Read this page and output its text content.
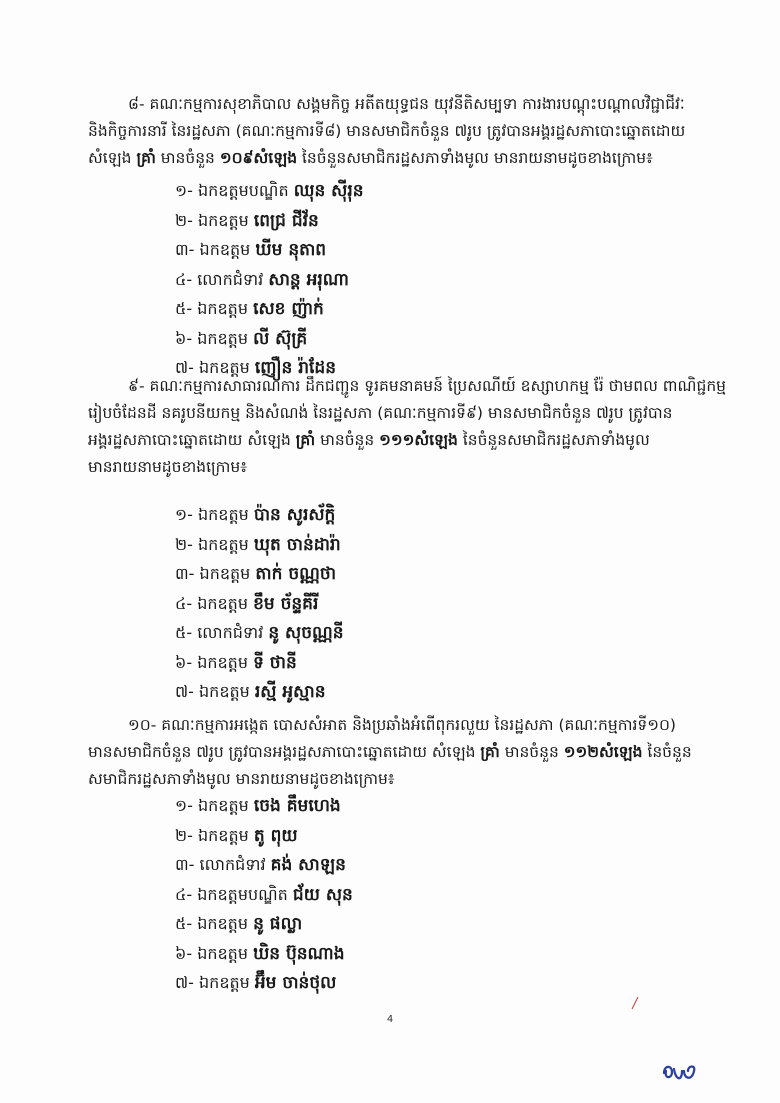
៨- គណៈកម្មការសុខាភិបាល សង្គមកិច្ច អតីតយុទ្ធជន យុវនីតិសម្បទា ការងារបណ្តុះបណ្តាលវិជ្ជាជីវៈ
និងកិច្ចការនារី នៃរដ្ឋសភា (គណៈកម្មការទី៨) មានសមាជិកចំនួន ៧រូប ត្រូវបានអង្គរដ្ឋសភាបោះឆ្នោតដោយ
សំឡេង គ្រាំ មានចំនួន ១០៩សំឡេង នៃចំនួនសមាជិករដ្ឋសភាទាំងមូល មានរាយនាមដូចខាងក្រោម៖
១- ឯកឧត្តមបណ្ឌិត ឈុន ស៊ីរុន
២- ឯកឧត្តម ពេជ្រ ជីវ័ន
៣- ឯកឧត្តម ឃីម នុតាព
៤- លោកជំទាវ សាន្ត អរុណា
៥- ឯកឧត្តម សេខ ញ៉ាក់
៦- ឯកឧត្តម លី ស៊ុគ្រី
៧- ឯកឧត្តម ញឿន រ៉ាដែន
៩- គណៈកម្មការសាធារណការ ដឹកជញ្ជូន ទូរគមនាគមន៍ ប្រៃសណីយ៍ ឧស្សាហកម្ម រ៉ែ ថាមពល ពាណិជ្ជកម្ម
រៀបចំដែនដី នគរូបនីយកម្ម និងសំណង់ នៃរដ្ឋសភា (គណៈកម្មការទី៩) មានសមាជិកចំនួន ៧រូប ត្រូវបាន
អង្គរដ្ឋសភាបោះឆ្នោតដោយ សំឡេង គ្រាំ មានចំនួន ១១១សំឡេង នៃចំនួនសមាជិករដ្ឋសភាទាំងមូល
មានរាយនាមដូចខាងក្រោម៖
១- ឯកឧត្តម ប៉ាន សូរស័ក្តិ
២- ឯកឧត្តម ឃុត ចាន់ដារ៉ា
៣- ឯកឧត្តម តាក់ ចណ្ណថា
៤- ឯកឧត្តម ខឹម ច័ន្ទគីរី
៥- លោកជំទាវ នូ សុចណ្ណនី
៦- ឯកឧត្តម ទី ថានី
៧- ឯកឧត្តម រស្មី អូស្មាន
១០- គណៈកម្មការអង្កេត បោសសំអាត និងប្រឆាំងអំពើពុករលួយ នៃរដ្ឋសភា (គណៈកម្មការទី១០)
មានសមាជិកចំនួន ៧រូប ត្រូវបានអង្គរដ្ឋសភាបោះឆ្នោតដោយ សំឡេង គ្រាំ មានចំនួន ១១២សំឡេង នៃចំនួន
សមាជិករដ្ឋសភាទាំងមូល មានរាយនាមដូចខាងក្រោម៖
១- ឯកឧត្តម ចេង គឹមហេង
២- ឯកឧត្តម តូ ពុយ
៣- លោកជំទាវ គង់ សាឡន
៤- ឯកឧត្តមបណ្ឌិត ជ័យ សុន
៥- ឯកឧត្តម នូ ផល្លា
៦- ឯកឧត្តម ឃិន ប៊ុនណាង
៧- ឯកឧត្តម អ៊ឹម ចាន់ថុល
4
